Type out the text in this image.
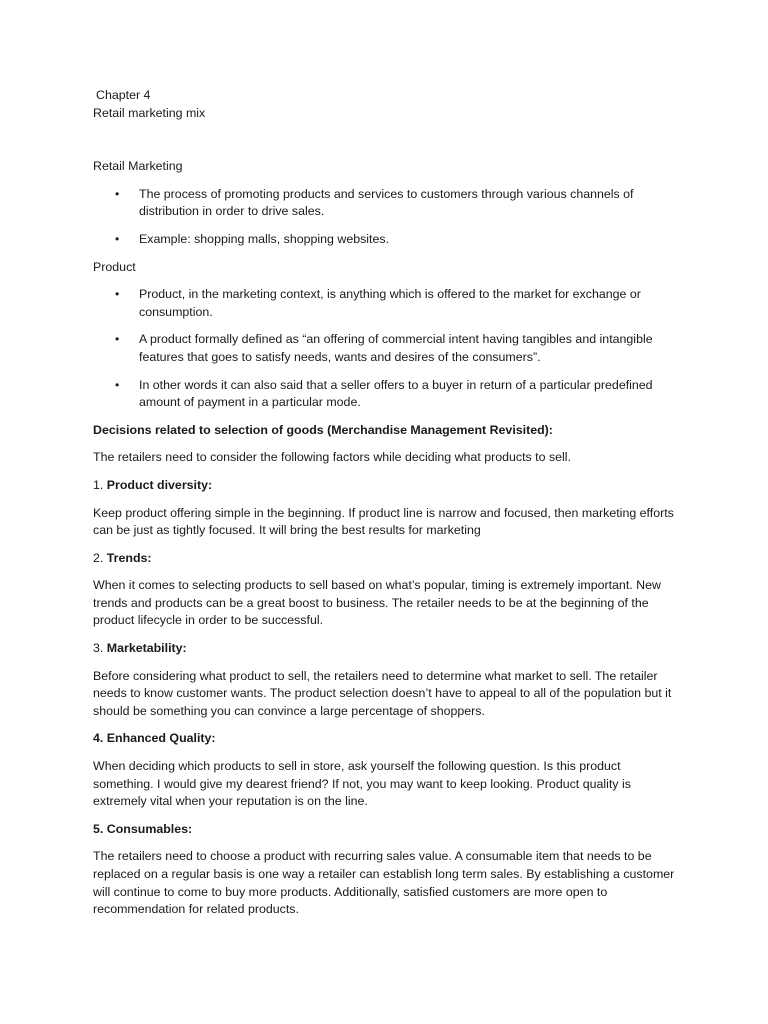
Chapter 4

Retail marketing mix

Retail Marketing

• The process of promoting products and services to customers through various channels of distribution in order to drive sales.
• Example: shopping malls, shopping websites.

Product

• Product, in the marketing context, is anything which is offered to the market for exchange or consumption.
• A product formally defined as “an offering of commercial intent having tangibles and intangible features that goes to satisfy needs, wants and desires of the consumers”.
• In other words it can also said that a seller offers to a buyer in return of a particular predefined amount of payment in a particular mode.

Decisions related to selection of goods (Merchandise Management Revisited):

The retailers need to consider the following factors while deciding what products to sell.

1. Product diversity:

Keep product offering simple in the beginning. If product line is narrow and focused, then marketing efforts can be just as tightly focused. It will bring the best results for marketing

2. Trends:

When it comes to selecting products to sell based on what’s popular, timing is extremely important. New trends and products can be a great boost to business. The retailer needs to be at the beginning of the product lifecycle in order to be successful.

3. Marketability:

Before considering what product to sell, the retailers need to determine what market to sell. The retailer needs to know customer wants. The product selection doesn’t have to appeal to all of the population but it should be something you can convince a large percentage of shoppers.

4. Enhanced Quality:

When deciding which products to sell in store, ask yourself the following question. Is this product something. I would give my dearest friend? If not, you may want to keep looking. Product quality is extremely vital when your reputation is on the line.

5. Consumables:

The retailers need to choose a product with recurring sales value. A consumable item that needs to be replaced on a regular basis is one way a retailer can establish long term sales. By establishing a customer will continue to come to buy more products. Additionally, satisfied customers are more open to recommendation for related products.
